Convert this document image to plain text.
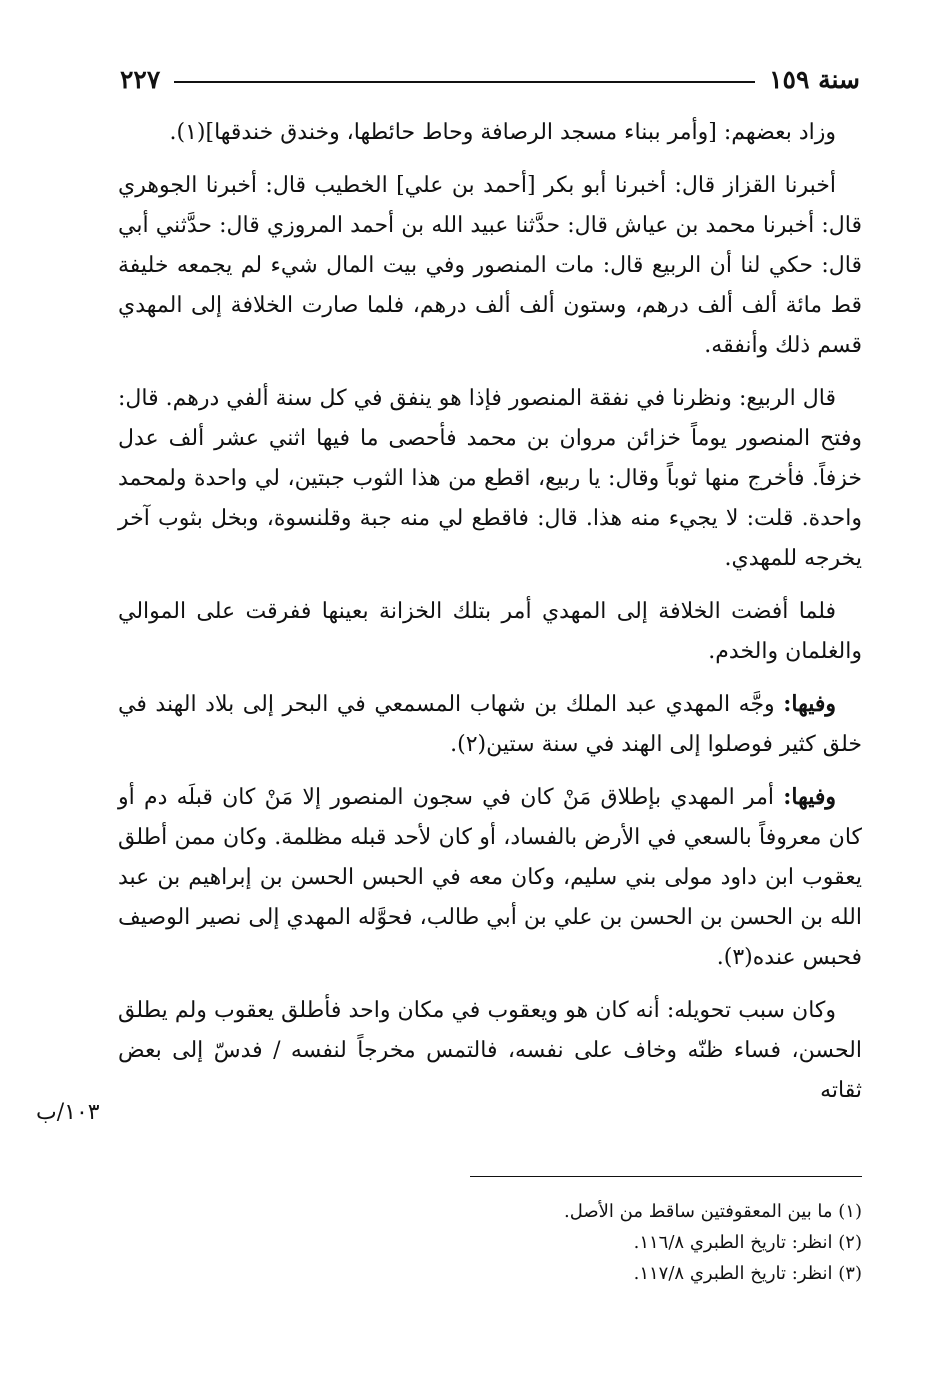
سنة ١٥٩
٢٢٧

وزاد بعضهم: [وأمر ببناء مسجد الرصافة وحاط حائطها، وخندق خندقها](١).

أخبرنا القزاز قال: أخبرنا أبو بكر [أحمد بن علي] الخطيب قال: أخبرنا الجوهري قال: أخبرنا محمد بن عياش قال: حدَّثنا عبيد الله بن أحمد المروزي قال: حدَّثني أبي قال: حكي لنا أن الربيع قال: مات المنصور وفي بيت المال شيء لم يجمعه خليفة قط مائة ألف ألف درهم، وستون ألف ألف درهم، فلما صارت الخلافة إلى المهدي قسم ذلك وأنفقه.

قال الربيع: ونظرنا في نفقة المنصور فإذا هو ينفق في كل سنة ألفي درهم. قال: وفتح المنصور يوماً خزائن مروان بن محمد فأحصى ما فيها اثني عشر ألف عدل خزفاً. فأخرج منها ثوباً وقال: يا ربيع، اقطع من هذا الثوب جبتين، لي واحدة ولمحمد واحدة. قلت: لا يجيء منه هذا. قال: فاقطع لي منه جبة وقلنسوة، وبخل بثوب آخر يخرجه للمهدي.

فلما أفضت الخلافة إلى المهدي أمر بتلك الخزانة بعينها ففرقت على الموالي والغلمان والخدم.

وفيها: وجَّه المهدي عبد الملك بن شهاب المسمعي في البحر إلى بلاد الهند في خلق كثير فوصلوا إلى الهند في سنة ستين(٢).

وفيها: أمر المهدي بإطلاق مَنْ كان في سجون المنصور إلا مَنْ كان قبلَه دم أو كان معروفاً بالسعي في الأرض بالفساد، أو كان لأحد قبله مظلمة. وكان ممن أطلق يعقوب ابن داود مولى بني سليم، وكان معه في الحبس الحسن بن إبراهيم بن عبد الله بن الحسن بن الحسن بن علي بن أبي طالب، فحوَّله المهدي إلى نصير الوصيف فحبس عنده(٣).

وكان سبب تحويله: أنه كان هو ويعقوب في مكان واحد فأطلق يعقوب ولم يطلق الحسن، فساء ظنّه وخاف على نفسه، فالتمس مخرجاً لنفسه / فدسّ إلى بعض ثقاته

١٠٣/ب
(١) ما بين المعقوفتين ساقط من الأصل.
(٢) انظر: تاريخ الطبري ١١٦/٨.
(٣) انظر: تاريخ الطبري ١١٧/٨.
